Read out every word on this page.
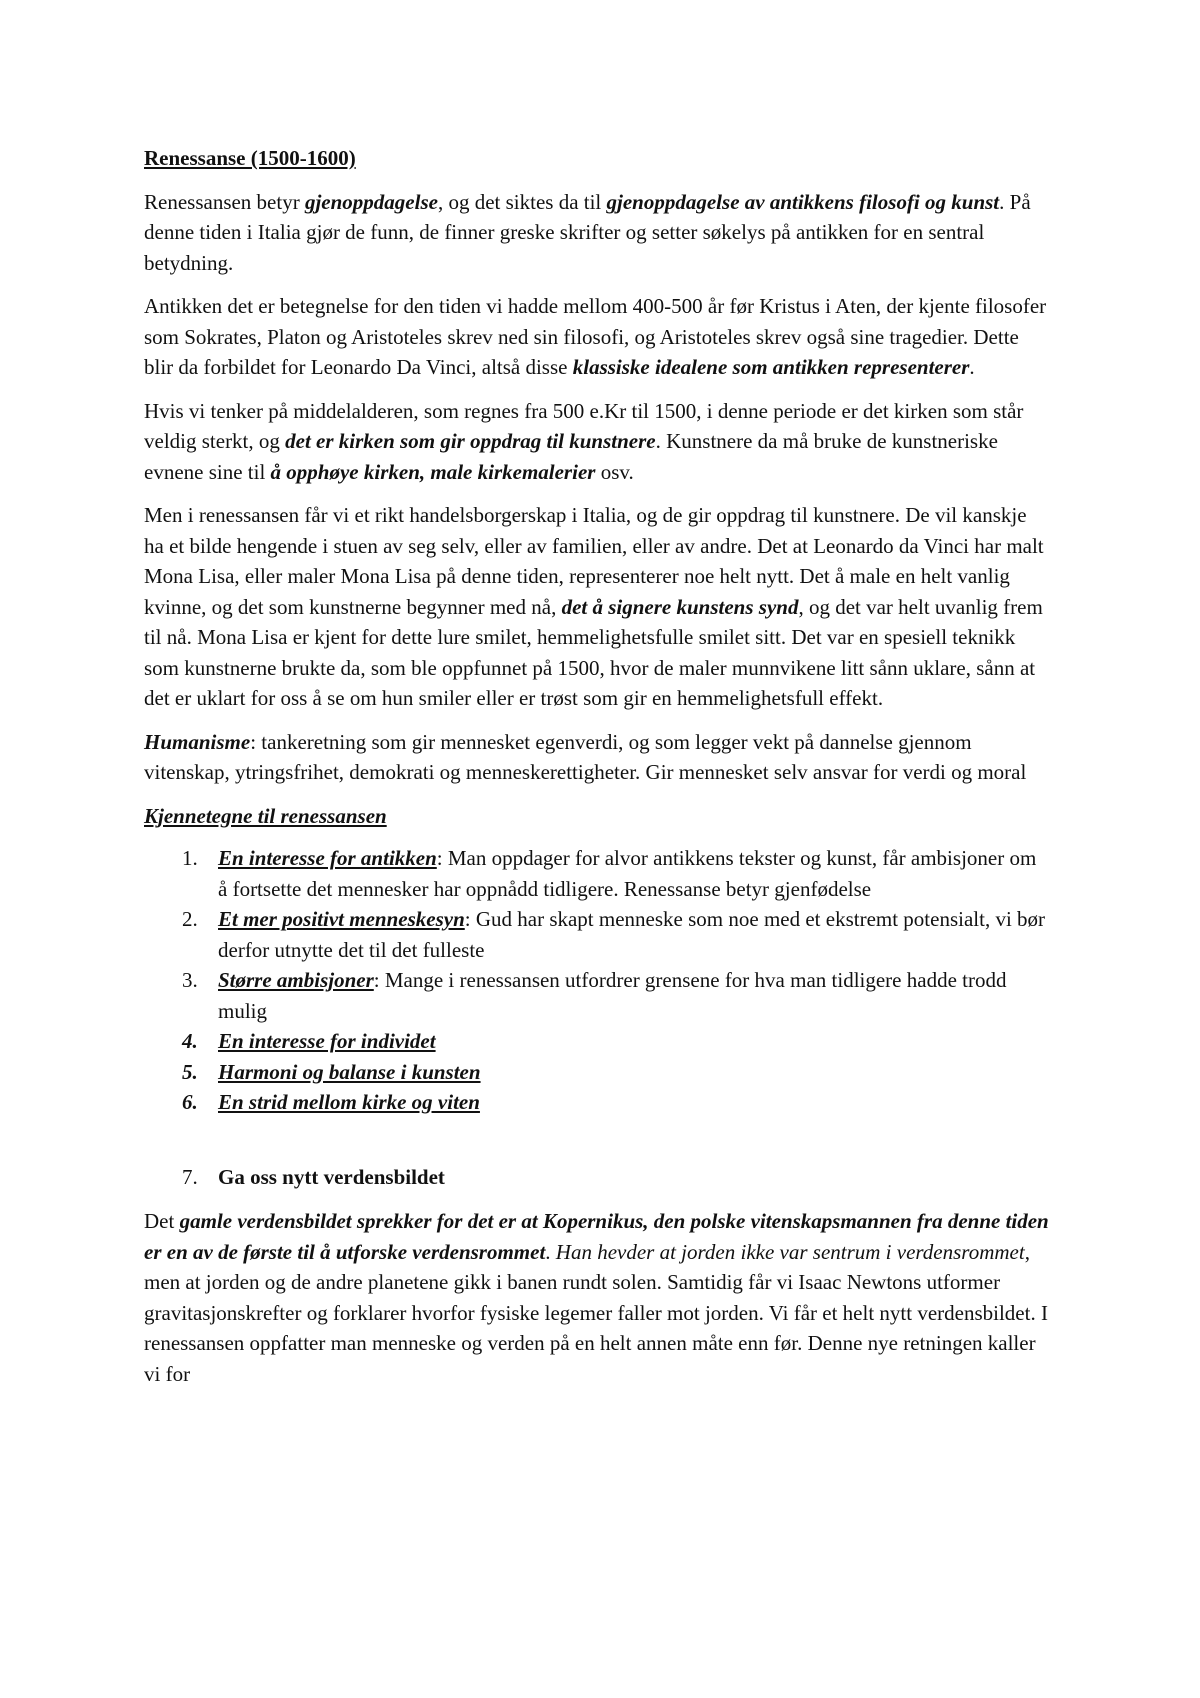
Renessanse (1500-1600)

Renessansen betyr gjenoppdagelse, og det siktes da til gjenoppdagelse av antikkens filosofi og kunst. På denne tiden i Italia gjør de funn, de finner greske skrifter og setter søkelys på antikken for en sentral betydning.

Antikken det er betegnelse for den tiden vi hadde mellom 400-500 år før Kristus i Aten, der kjente filosofer som Sokrates, Platon og Aristoteles skrev ned sin filosofi, og Aristoteles skrev også sine tragedier. Dette blir da forbildet for Leonardo Da Vinci, altså disse klassiske idealene som antikken representerer.

Hvis vi tenker på middelalderen, som regnes fra 500 e.Kr til 1500, i denne periode er det kirken som står veldig sterkt, og det er kirken som gir oppdrag til kunstnere. Kunstnere da må bruke de kunstneriske evnene sine til å opphøye kirken, male kirkemalerier osv.

Men i renessansen får vi et rikt handelsborgerskap i Italia, og de gir oppdrag til kunstnere. De vil kanskje ha et bilde hengende i stuen av seg selv, eller av familien, eller av andre. Det at Leonardo da Vinci har malt Mona Lisa, eller maler Mona Lisa på denne tiden, representerer noe helt nytt. Det å male en helt vanlig kvinne, og det som kunstnerne begynner med nå, det å signere kunstens synd, og det var helt uvanlig frem til nå. Mona Lisa er kjent for dette lure smilet, hemmelighetsfulle smilet sitt. Det var en spesiell teknikk som kunstnerne brukte da, som ble oppfunnet på 1500, hvor de maler munnvikene litt sånn uklare, sånn at det er uklart for oss å se om hun smiler eller er trøst som gir en hemmelighetsfull effekt.

Humanisme: tankeretning som gir mennesket egenverdi, og som legger vekt på dannelse gjennom vitenskap, ytringsfrihet, demokrati og menneskerettigheter. Gir mennesket selv ansvar for verdi og moral

Kjennetegne til renessansen
1. En interesse for antikken: Man oppdager for alvor antikkens tekster og kunst, får ambisjoner om å fortsette det mennesker har oppnådd tidligere. Renessanse betyr gjenfødelse
2. Et mer positivt menneskesyn: Gud har skapt menneske som noe med et ekstremt potensialt, vi bør derfor utnytte det til det fulleste
3. Større ambisjoner: Mange i renessansen utfordrer grensene for hva man tidligere hadde trodd mulig
4. En interesse for individet
5. Harmoni og balanse i kunsten
6. En strid mellom kirke og viten
7. Ga oss nytt verdensbildet

Det gamle verdensbildet sprekker for det er at Kopernikus, den polske vitenskapsmannen fra denne tiden er en av de første til å utforske verdensrommet. Han hevder at jorden ikke var sentrum i verdensrommet, men at jorden og de andre planetene gikk i banen rundt solen. Samtidig får vi Isaac Newtons utformer gravitasjonskrefter og forklarer hvorfor fysiske legemer faller mot jorden. Vi får et helt nytt verdensbildet. I renessansen oppfatter man menneske og verden på en helt annen måte enn før. Denne nye retningen kaller vi for
